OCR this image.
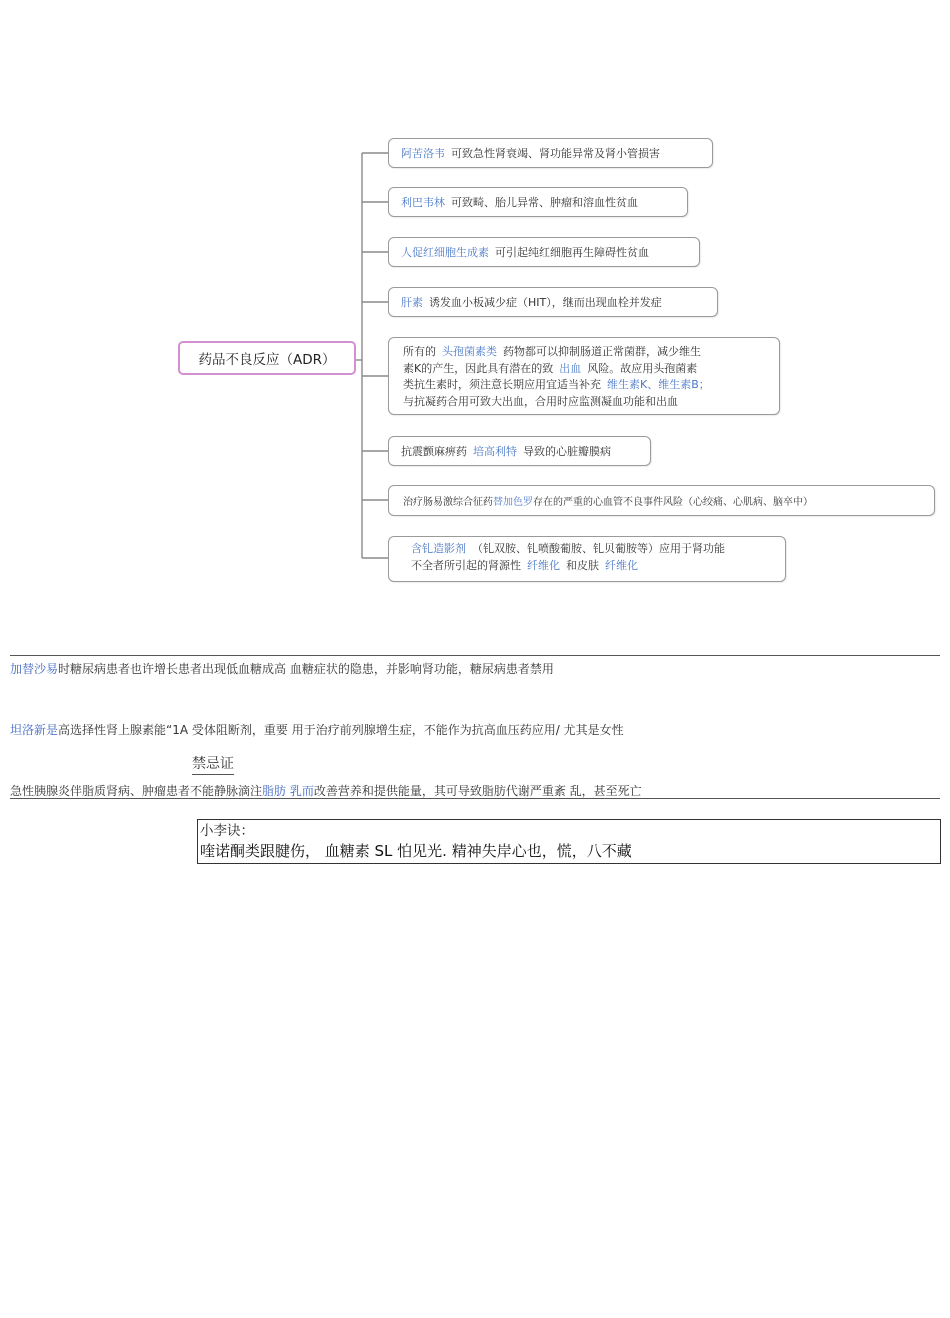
药品不良反应（ADR）
阿苦洛韦 可致急性肾衰竭、肾功能异常及肾小管损害
利巴韦林 可致畸、胎儿异常、肿瘤和溶血性贫血
人促红细胞生成素 可引起纯红细胞再生障碍性贫血
肝素 诱发血小板减少症（HIT），继而出现血栓并发症
所有的 头孢菌素类 药物都可以抑制肠道正常菌群，减少维生
素K的产生，因此具有潜在的致 出血 风险。故应用头孢菌素
类抗生素时，须注意长期应用宜适当补充 维生素K、维生素B；
与抗凝药合用可致大出血，合用时应监测凝血功能和出血
抗震颤麻痹药 培高利特 导致的心脏瓣膜病
治疗肠易激综合征药 替加色罗 存在的严重的心血管不良事件风险（心绞痛、心肌病、脑卒中）
含钆造影剂 （钆双胺、钆喷酸葡胺、钆贝葡胺等）应用于肾功能
不全者所引起的肾源性 纤维化 和皮肤 纤维化
加替沙易时糖尿病患者也许增长患者出现低血糖成高 血糖症状的隐患，并影响肾功能，糖尿病患者禁用
坦洛新是高选择性肾上腺素能“1A 受体阻断剂，重要 用于治疗前列腺增生症，不能作为抗高血压药应用/ 尤其是女性
禁忌证
急性胰腺炎伴脂质肾病、肿瘤患者不能静脉滴注脂肪 乳而改善营养和提供能量，其可导致脂肪代谢严重紊 乱，甚至死亡
小李诀：
喹诺酮类跟腱伤， 血糖素 SL 怕见光. 精神失岸心也，慌，八不藏
